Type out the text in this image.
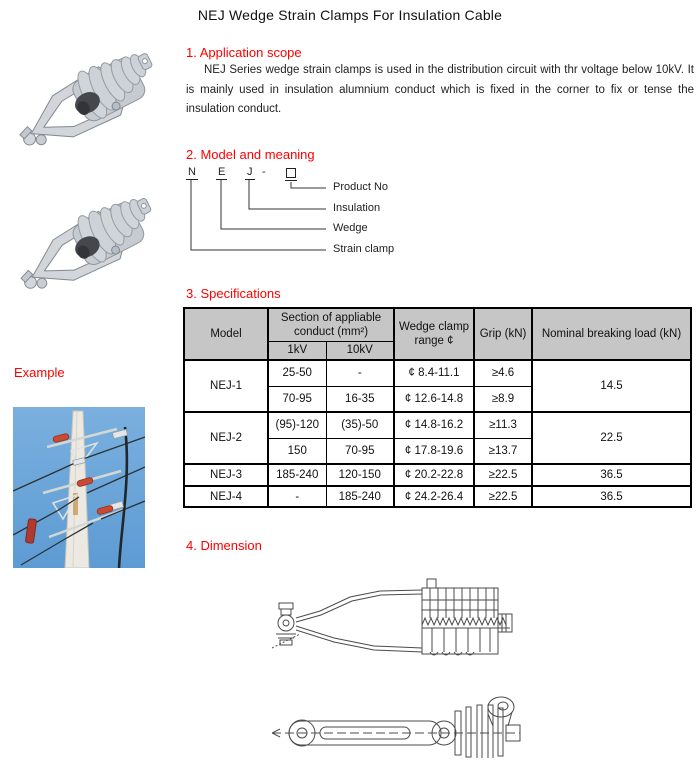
NEJ Wedge Strain Clamps For Insulation Cable
1. Application scope
NEJ Series wedge strain clamps is used in the distribution circuit with thr voltage below 10kV. It is mainly used in insulation alumnium conduct which is fixed in the corner to fix or tense the insulation conduct.
2. Model and meaning
N E J -
Product No
Insulation
Wedge
Strain clamp
3. Specifications
Model	Section of appliable conduct (mm²)		Wedge clamp range ¢	Grip (kN)	Nominal breaking load (kN)
	1kV	10kV			
NEJ-1	25-50	-	¢ 8.4-11.1	≥4.6	14.5
	70-95	16-35	¢ 12.6-14.8	≥8.9	
NEJ-2	(95)-120	(35)-50	¢ 14.8-16.2	≥11.3	22.5
	150	70-95	¢ 17.8-19.6	≥13.7	
NEJ-3	185-240	120-150	¢ 20.2-22.8	≥22.5	36.5
NEJ-4	-	185-240	¢ 24.2-26.4	≥22.5	36.5
Example
4. Dimension
